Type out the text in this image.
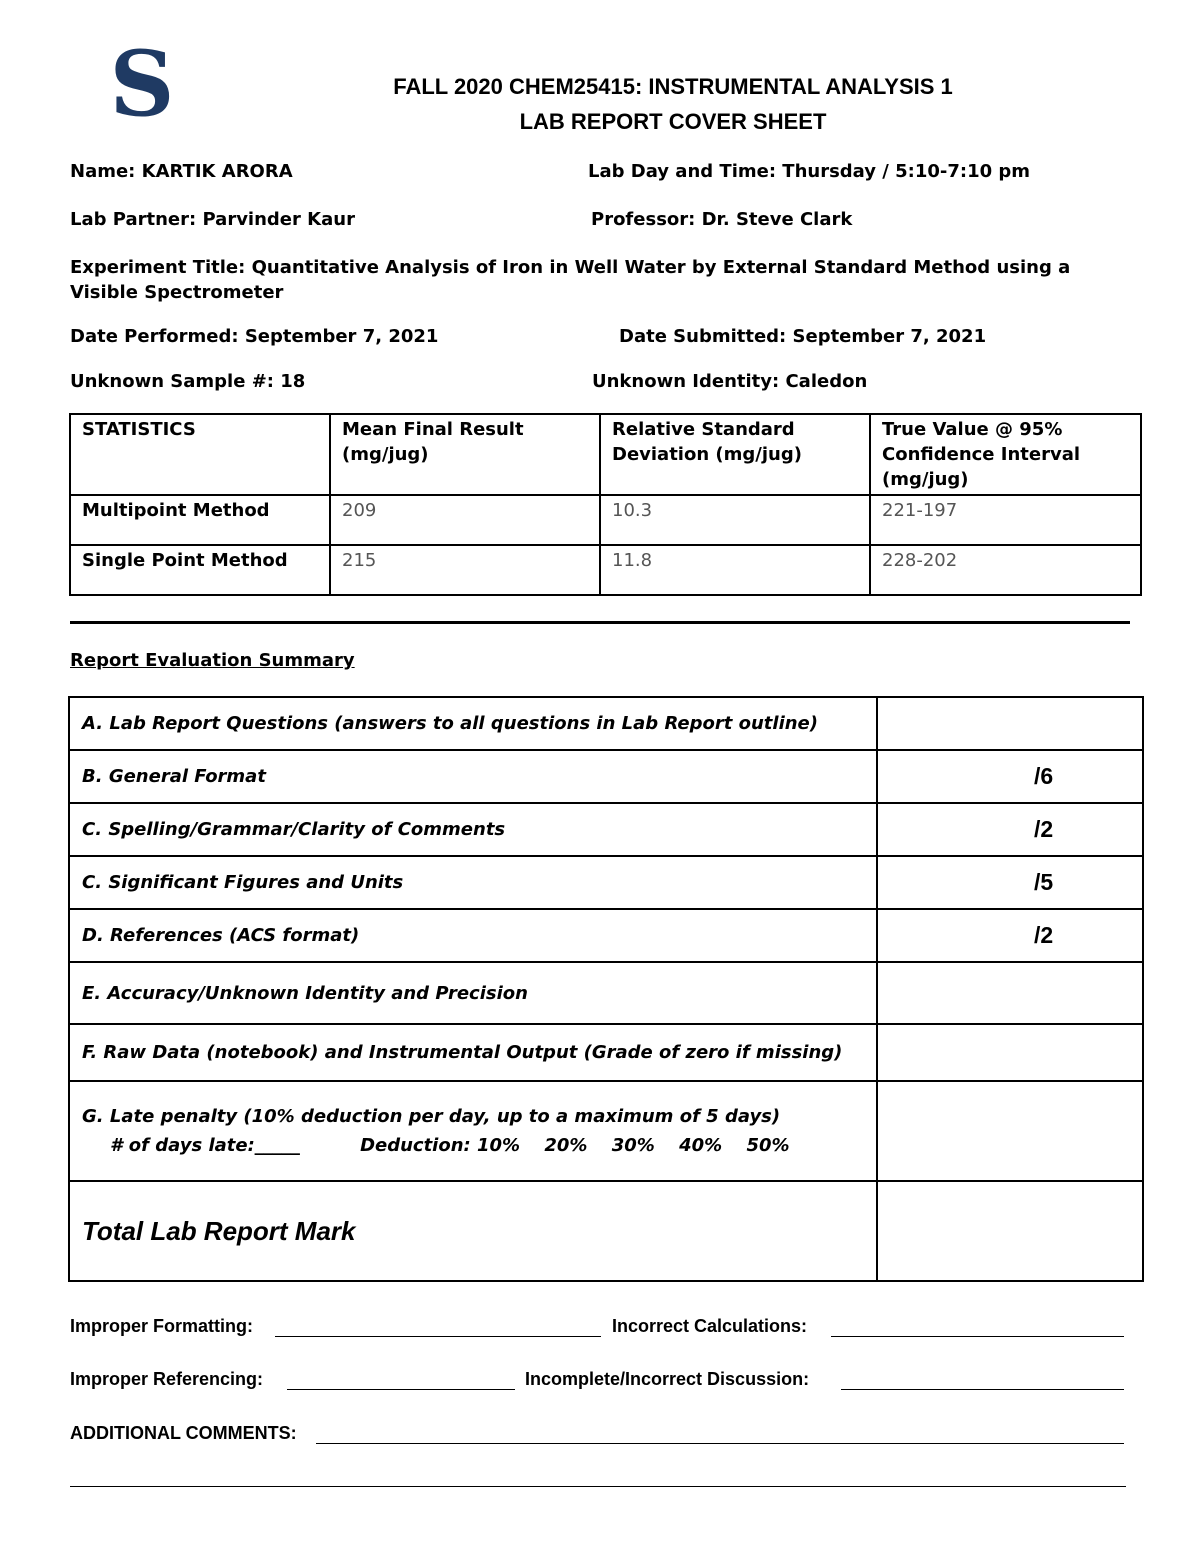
S	FALL 2020 CHEM25415: INSTRUMENTAL ANALYSIS 1
LAB REPORT COVER SHEET
Name: KARTIK ARORA	Lab Day and Time: Thursday / 5:10-7:10 pm
Lab Partner: Parvinder Kaur	Professor: Dr. Steve Clark
Experiment Title: Quantitative Analysis of Iron in Well Water by External Standard Method using a
Visible Spectrometer
Date Performed: September 7, 2021	Date Submitted: September 7, 2021
Unknown Sample #: 18	Unknown Identity: Caledon
STATISTICS	Mean Final Result (mg/jug)	Relative Standard Deviation (mg/jug)	True Value @ 95% Confidence Interval (mg/jug)
Multipoint Method	209	10.3	221-197
Single Point Method	215	11.8	228-202
Report Evaluation Summary
A. Lab Report Questions (answers to all questions in Lab Report outline)	
B. General Format	/6
C. Spelling/Grammar/Clarity of Comments	/2
C. Significant Figures and Units	/5
D. References (ACS format)	/2
E. Accuracy/Unknown Identity and Precision	
F. Raw Data (notebook) and Instrumental Output (Grade of zero if missing)	
G. Late penalty (10% deduction per day, up to a maximum of 5 days)
# of days late:_____ Deduction: 10% 20% 30% 40% 50%	

Total Lab Report Mark	
Improper Formatting:	Incorrect Calculations:
Improper Referencing:	Incomplete/Incorrect Discussion:
ADDITIONAL COMMENTS:
